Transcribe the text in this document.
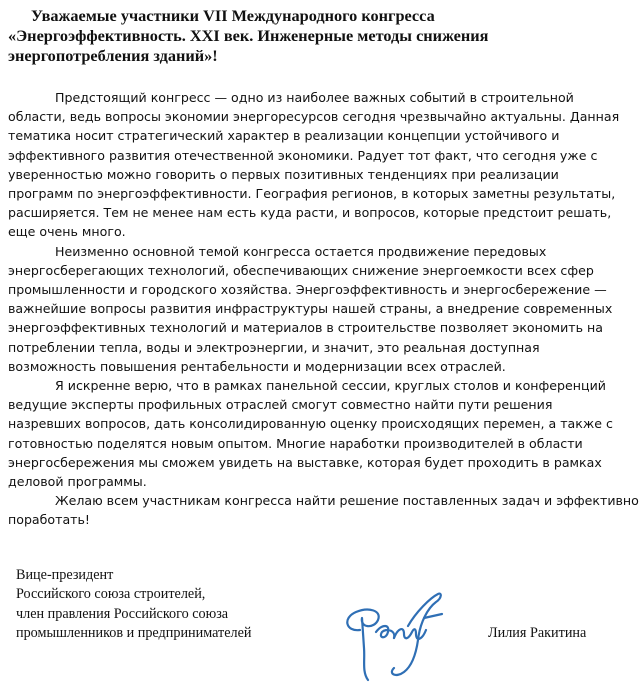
Уважаемые участники VII Международного конгресса
«Энергоэффективность. XXI век. Инженерные методы снижения
энергопотребления зданий»!

Предстоящий конгресс — одно из наиболее важных событий в строительной
области, ведь вопросы экономии энергоресурсов сегодня чрезвычайно актуальны. Данная
тематика носит стратегический характер в реализации концепции устойчивого и
эффективного развития отечественной экономики. Радует тот факт, что сегодня уже с
уверенностью можно говорить о первых позитивных тенденциях при реализации
программ по энергоэффективности. География регионов, в которых заметны результаты,
расширяется. Тем не менее нам есть куда расти, и вопросов, которые предстоит решать,
еще очень много.

Неизменно основной темой конгресса остается продвижение передовых
энергосберегающих технологий, обеспечивающих снижение энергоемкости всех сфер
промышленности и городского хозяйства. Энергоэффективность и энергосбережение —
важнейшие вопросы развития инфраструктуры нашей страны, а внедрение современных
энергоэффективных технологий и материалов в строительстве позволяет экономить на
потреблении тепла, воды и электроэнергии, и значит, это реальная доступная
возможность повышения рентабельности и модернизации всех отраслей.

Я искренне верю, что в рамках панельной сессии, круглых столов и конференций
ведущие эксперты профильных отраслей смогут совместно найти пути решения
назревших вопросов, дать консолидированную оценку происходящих перемен, а также с
готовностью поделятся новым опытом. Многие наработки производителей в области
энергосбережения мы сможем увидеть на выставке, которая будет проходить в рамках
деловой программы.

Желаю всем участникам конгресса найти решение поставленных задач и эффективно
поработать!

Вице-президент
Российского союза строителей,
член правления Российского союза
промышленников и предпринимателей	Лилия Ракитина
